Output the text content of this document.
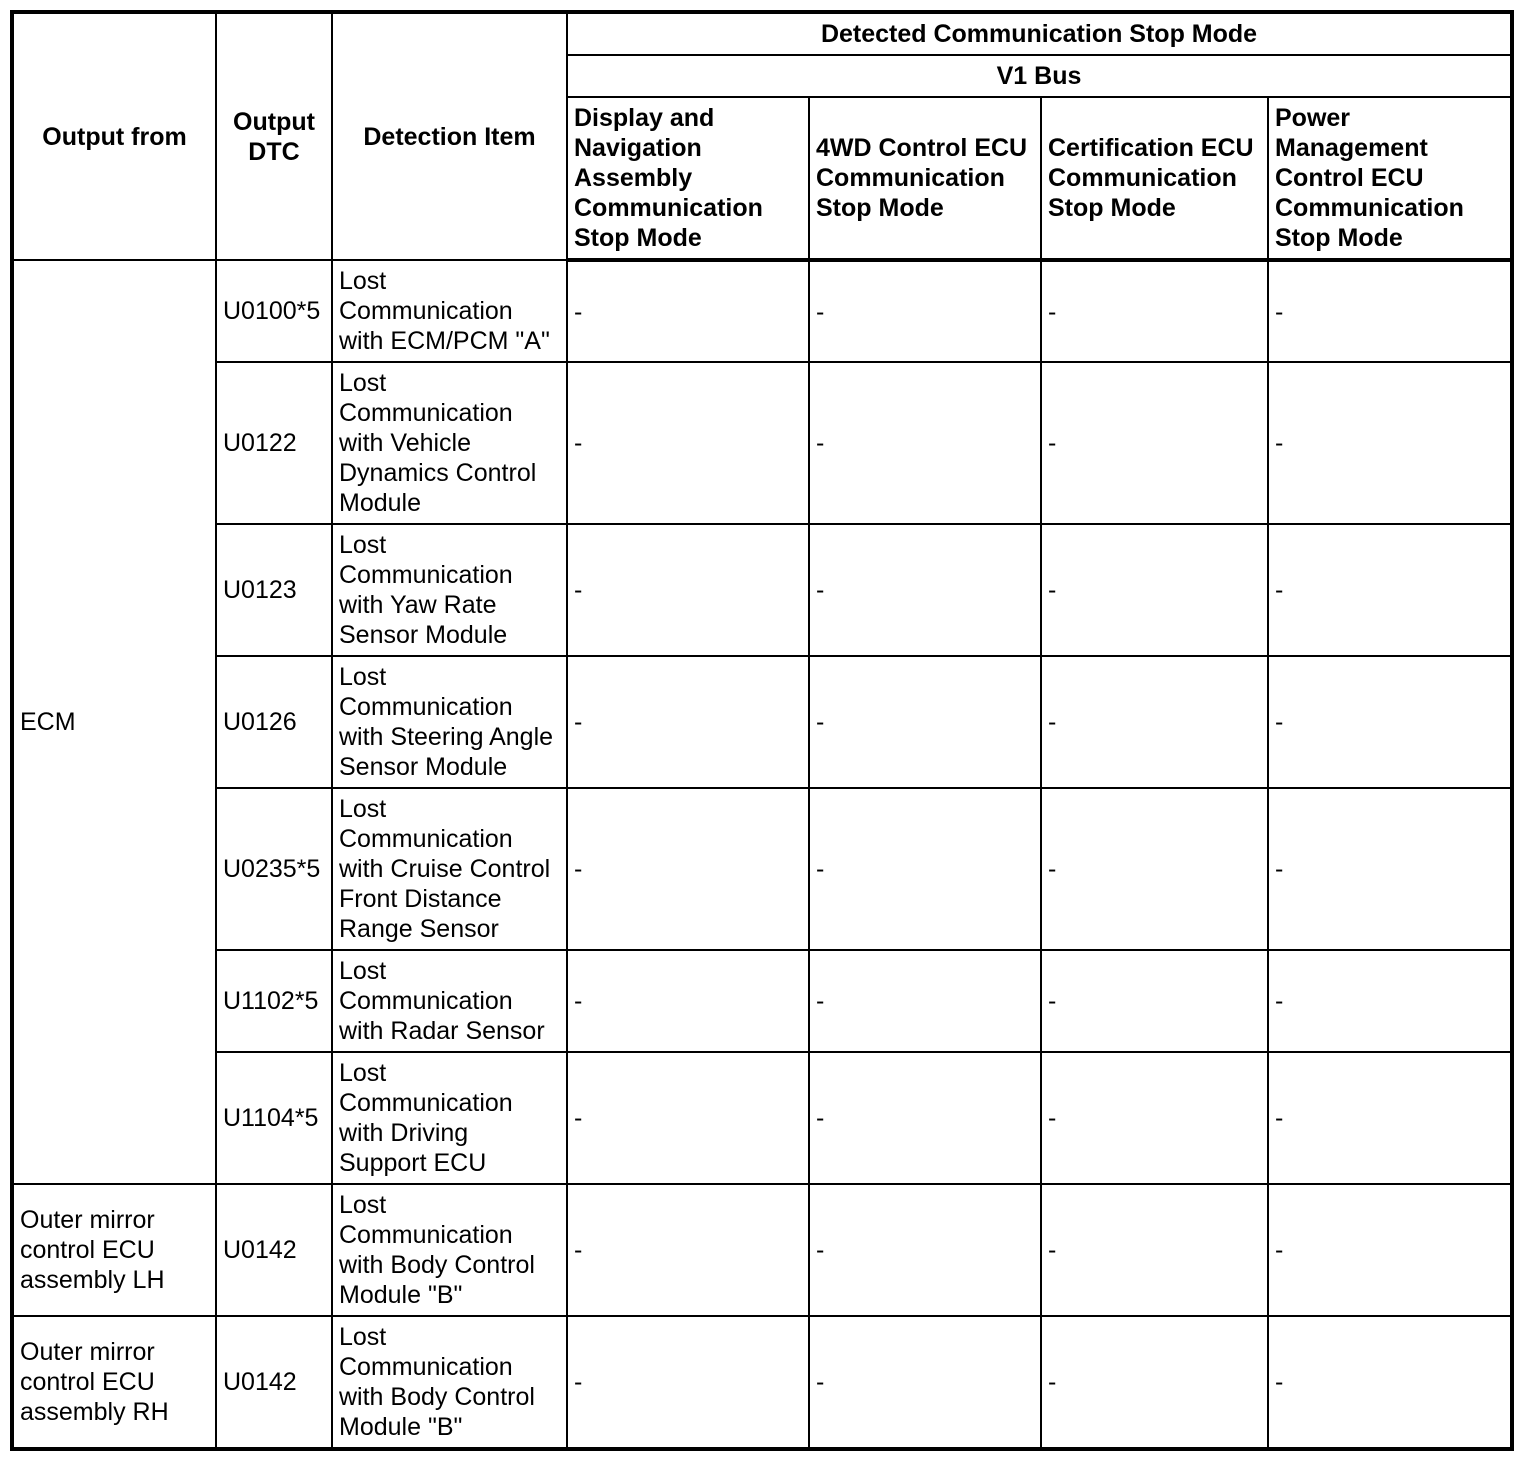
Output from	Output DTC	Detection Item	Detected Communication Stop Mode			
			V1 Bus			
			Display and Navigation Assembly Communication Stop Mode	4WD Control ECU Communication Stop Mode	Certification ECU Communication Stop Mode	Power Management Control ECU Communication Stop Mode
ECM	U0100*5	Lost Communication with ECM/PCM "A"	-	-	-	-
	U0122	Lost Communication with Vehicle Dynamics Control Module	-	-	-	-
	U0123	Lost Communication with Yaw Rate Sensor Module	-	-	-	-
	U0126	Lost Communication with Steering Angle Sensor Module	-	-	-	-
	U0235*5	Lost Communication with Cruise Control Front Distance Range Sensor	-	-	-	-
	U1102*5	Lost Communication with Radar Sensor	-	-	-	-
	U1104*5	Lost Communication with Driving Support ECU	-	-	-	-
Outer mirror control ECU assembly LH	U0142	Lost Communication with Body Control Module "B"	-	-	-	-
Outer mirror control ECU assembly RH	U0142	Lost Communication with Body Control Module "B"	-	-	-	-
